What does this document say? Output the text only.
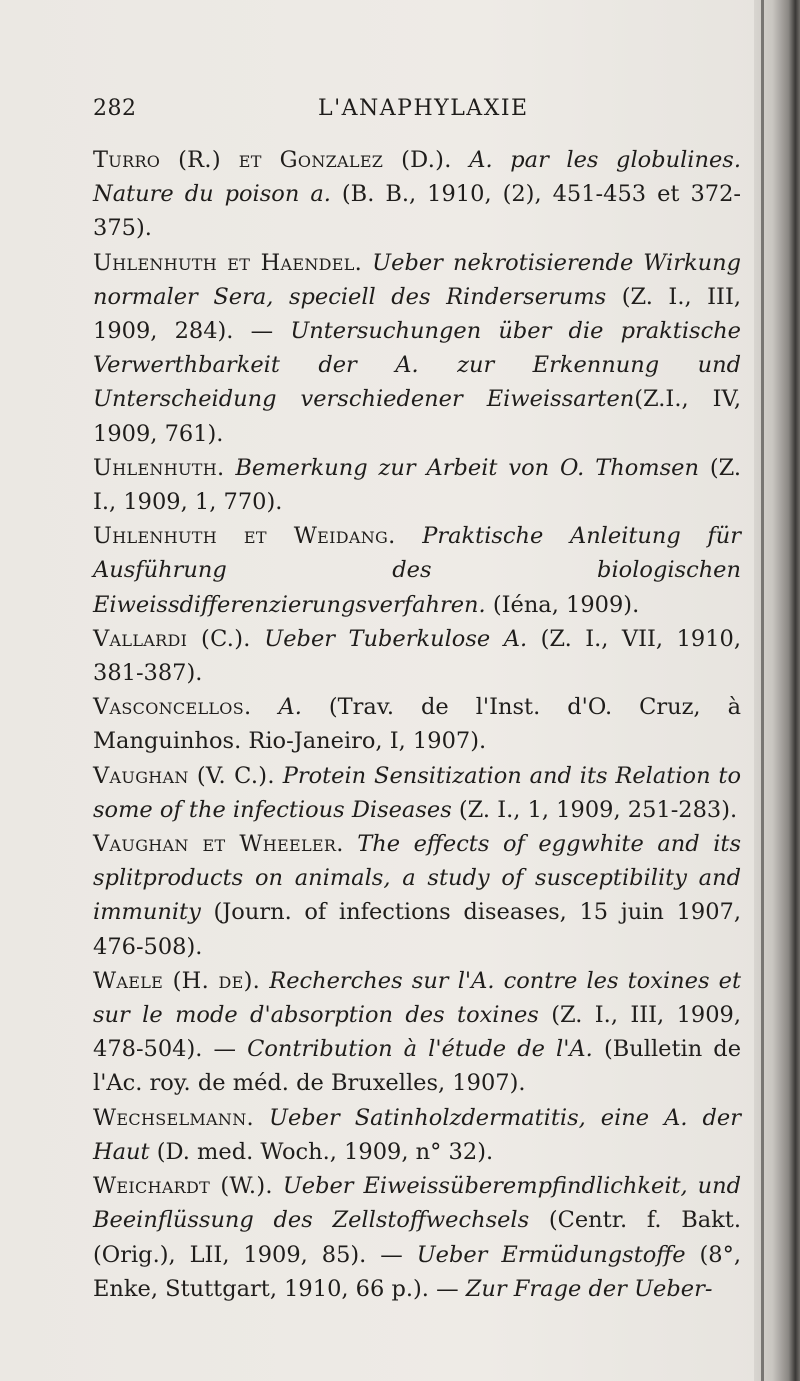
282	L'ANAPHYLAXIE

Turro (R.) et Gonzalez (D.). A. par les globulines. Nature du poison a. (B. B., 1910, (2), 451-453 et 372-375).

Uhlenhuth et Haendel. Ueber nekrotisierende Wirkung normaler Sera, speciell des Rinderserums (Z. I., III, 1909, 284). — Untersuchungen über die praktische Verwerthbarkeit der A. zur Erkennung und Unterscheidung verschiedener Eiweissarten(Z.I., IV, 1909, 761).

Uhlenhuth. Bemerkung zur Arbeit von O. Thomsen (Z. I., 1909, 1, 770).

Uhlenhuth et Weidang. Praktische Anleitung für Ausführung des biologischen Eiweissdifferenzierungsverfahren. (Iéna, 1909).

Vallardi (C.). Ueber Tuberkulose A. (Z. I., VII, 1910, 381-387).

Vasconcellos. A. (Trav. de l'Inst. d'O. Cruz, à Manguinhos. Rio-Janeiro, I, 1907).

Vaughan (V. C.). Protein Sensitization and its Relation to some of the infectious Diseases (Z. I., 1, 1909, 251-283).

Vaughan et Wheeler. The effects of eggwhite and its splitproducts on animals, a study of susceptibility and immunity (Journ. of infections diseases, 15 juin 1907, 476-508).

Waele (H. de). Recherches sur l'A. contre les toxines et sur le mode d'absorption des toxines (Z. I., III, 1909, 478-504). — Contribution à l'étude de l'A. (Bulletin de l'Ac. roy. de méd. de Bruxelles, 1907).

Wechselmann. Ueber Satinholzdermatitis, eine A. der Haut (D. med. Woch., 1909, n° 32).

Weichardt (W.). Ueber Eiweissüberempfindlichkeit, und Beeinflüssung des Zellstoffwechsels (Centr. f. Bakt. (Orig.), LII, 1909, 85). — Ueber Ermüdungstoffe (8°, Enke, Stuttgart, 1910, 66 p.). — Zur Frage der Ueber-
